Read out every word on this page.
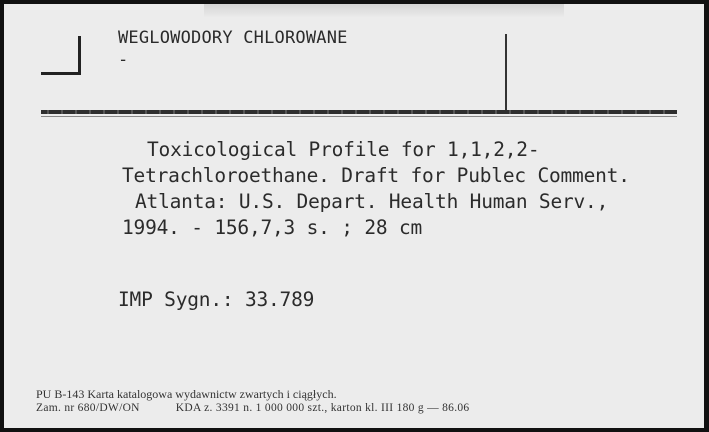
WEGLOWODORY CHLOROWANE
-
Toxicological Profile for 1,1,2,2-
Tetrachloroethane. Draft for Publec Comment.
Atlanta: U.S. Depart. Health Human Serv.,
1994. - 156,7,3 s. ; 28 cm
IMP Sygn.: 33.789
PU B-143 Karta katalogowa wydawnictw zwartych i ciągłych.
Zam. nr 680/DW/ON	KDA z. 3391 n. 1 000 000 szt., karton kl. III 180 g — 86.06
